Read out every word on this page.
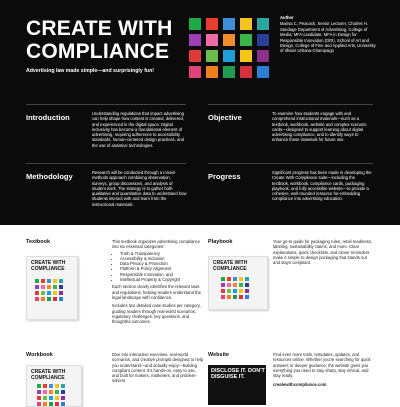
CREATE WITH
COMPLIANCE
Advertising law made simple—and surprisingly fun!
Author
Marisa C. Peacock, Senior Lecturer, Charles H. Sandage Department of Advertising, College of Media; MFA candidate, MFA in Design for Responsible Innovation (DRI), School of Art and Design, College of Fine and Applied Arts, University of Illinois Urbana-Champaign
Introduction	Understanding regulations that impact advertising can help shape how content is created, delivered, and experienced in the digital space. Digital inclusivity has become a foundational element of advertising, requiring adherence to accessibility standards, human-centered design practices, and the use of assistive technologies.
Objective	To examine how students engage with and comprehend instructional materials—such as a textbook, workbook, website and complex scenario cards—designed to support learning about digital advertising compliance, and to identify ways to enhance these materials for future use.
Methodology	Research will be conducted through a mixed-methods approach combining observation, surveys, group discussions, and analysis of student work. The strategy is to gather both qualitative and quantitative data to understand how students interact with and learn from the instructional materials.
Progress	Significant progress has been made in developing the Create With Compliance suite—including the textbook, workbook, compliance cards, packaging playbook, and fully accessible website—to provide a cohesive, well-rounded resource for embedding compliance into advertising education.
Textbook
CREATE WITH
COMPLIANCE
This textbook organizes advertising compliance into six essential categories:
• Truth & Transparency
• Accessibility & Inclusion
• Data Privacy & Protection
• Platform & Policy Alignment
• Responsible Innovation, and
• Intellectual Property & Copyright
Each section clearly identifies the relevant laws and regulations, helping readers understand the legal landscape with confidence.
Includes two detailed case studies per category, guiding readers through real-world scenarios, regulatory challenges, key questions, and thoughtful outcomes.
Playbook
CREATE WITH
COMPLIANCE
Your go-to guide for packaging rules, retail readiness, labeling, sustainability claims, and more. Clear explanations, quick checklists, and clever reminders make it simple to design packaging that stands out and stays compliant.
Workbook
CREATE WITH
COMPLIANCE
Dive into interactive exercises, real-world scenarios, and creative prompts designed to help you understand—and actually enjoy—building compliant content. It's hands-on, easy to use, and built for makers, marketers, and problem-solvers.
Website
DISCLOSE IT. DON'T DISGUISE IT.
Find even more tools, templates, updates, and resources online. Whether you're searching for quick answers or deeper guidance, the website gives you everything you need to stay sharp, stay ethical, and stay ready.
createwithcompliance.com
